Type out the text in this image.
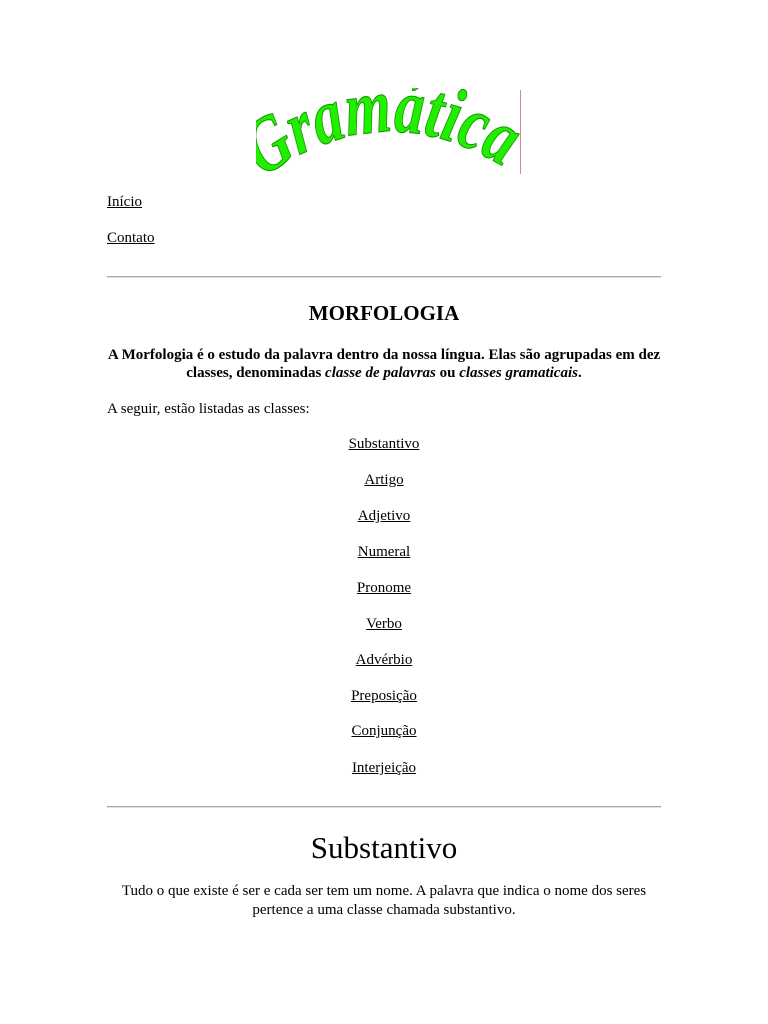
ramátic
Início
Contato
MORFOLOGIA
A Morfologia é o estudo da palavra dentro da nossa língua. Elas são agrupadas em dez classes, denominadas classe de palavras ou classes gramaticais.
A seguir, estão listadas as classes:
Substantivo
Artigo
Adjetivo
Numeral
Pronome
Verbo
Advérbio
Preposição
Conjunção
Interjeição
Substantivo
Tudo o que existe é ser e cada ser tem um nome. A palavra que indica o nome dos seres pertence a uma classe chamada substantivo.
